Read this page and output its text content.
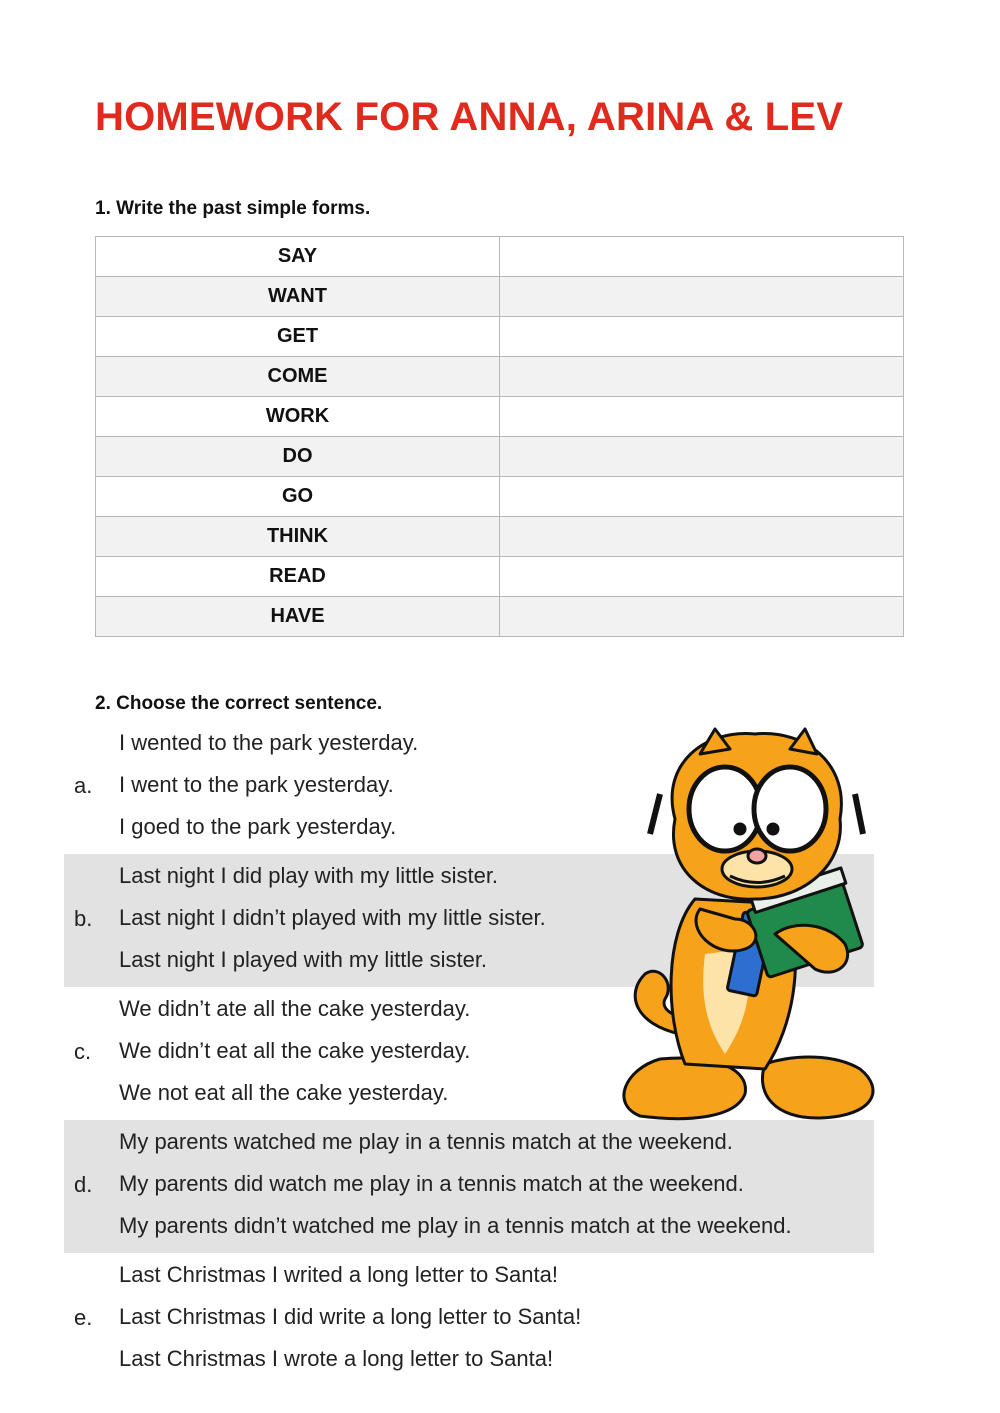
HOMEWORK FOR ANNA, ARINA & LEV
1. Write the past simple forms.
SAY	
WANT	
GET	
COME	
WORK	
DO	
GO	
THINK	
READ	
HAVE	
2. Choose the correct sentence.
a.
I wented to the park yesterday.
I went to the park yesterday.
I goed to the park yesterday.
b.
Last night I did play with my little sister.
Last night I didn’t played with my little sister.
Last night I played with my little sister.
c.
We didn’t ate all the cake yesterday.
We didn’t eat all the cake yesterday.
We not eat all the cake yesterday.
d.
My parents watched me play in a tennis match at the weekend.
My parents did watch me play in a tennis match at the weekend.
My parents didn’t watched me play in a tennis match at the weekend.
e.
Last Christmas I writed a long letter to Santa!
Last Christmas I did write a long letter to Santa!
Last Christmas I wrote a long letter to Santa!
